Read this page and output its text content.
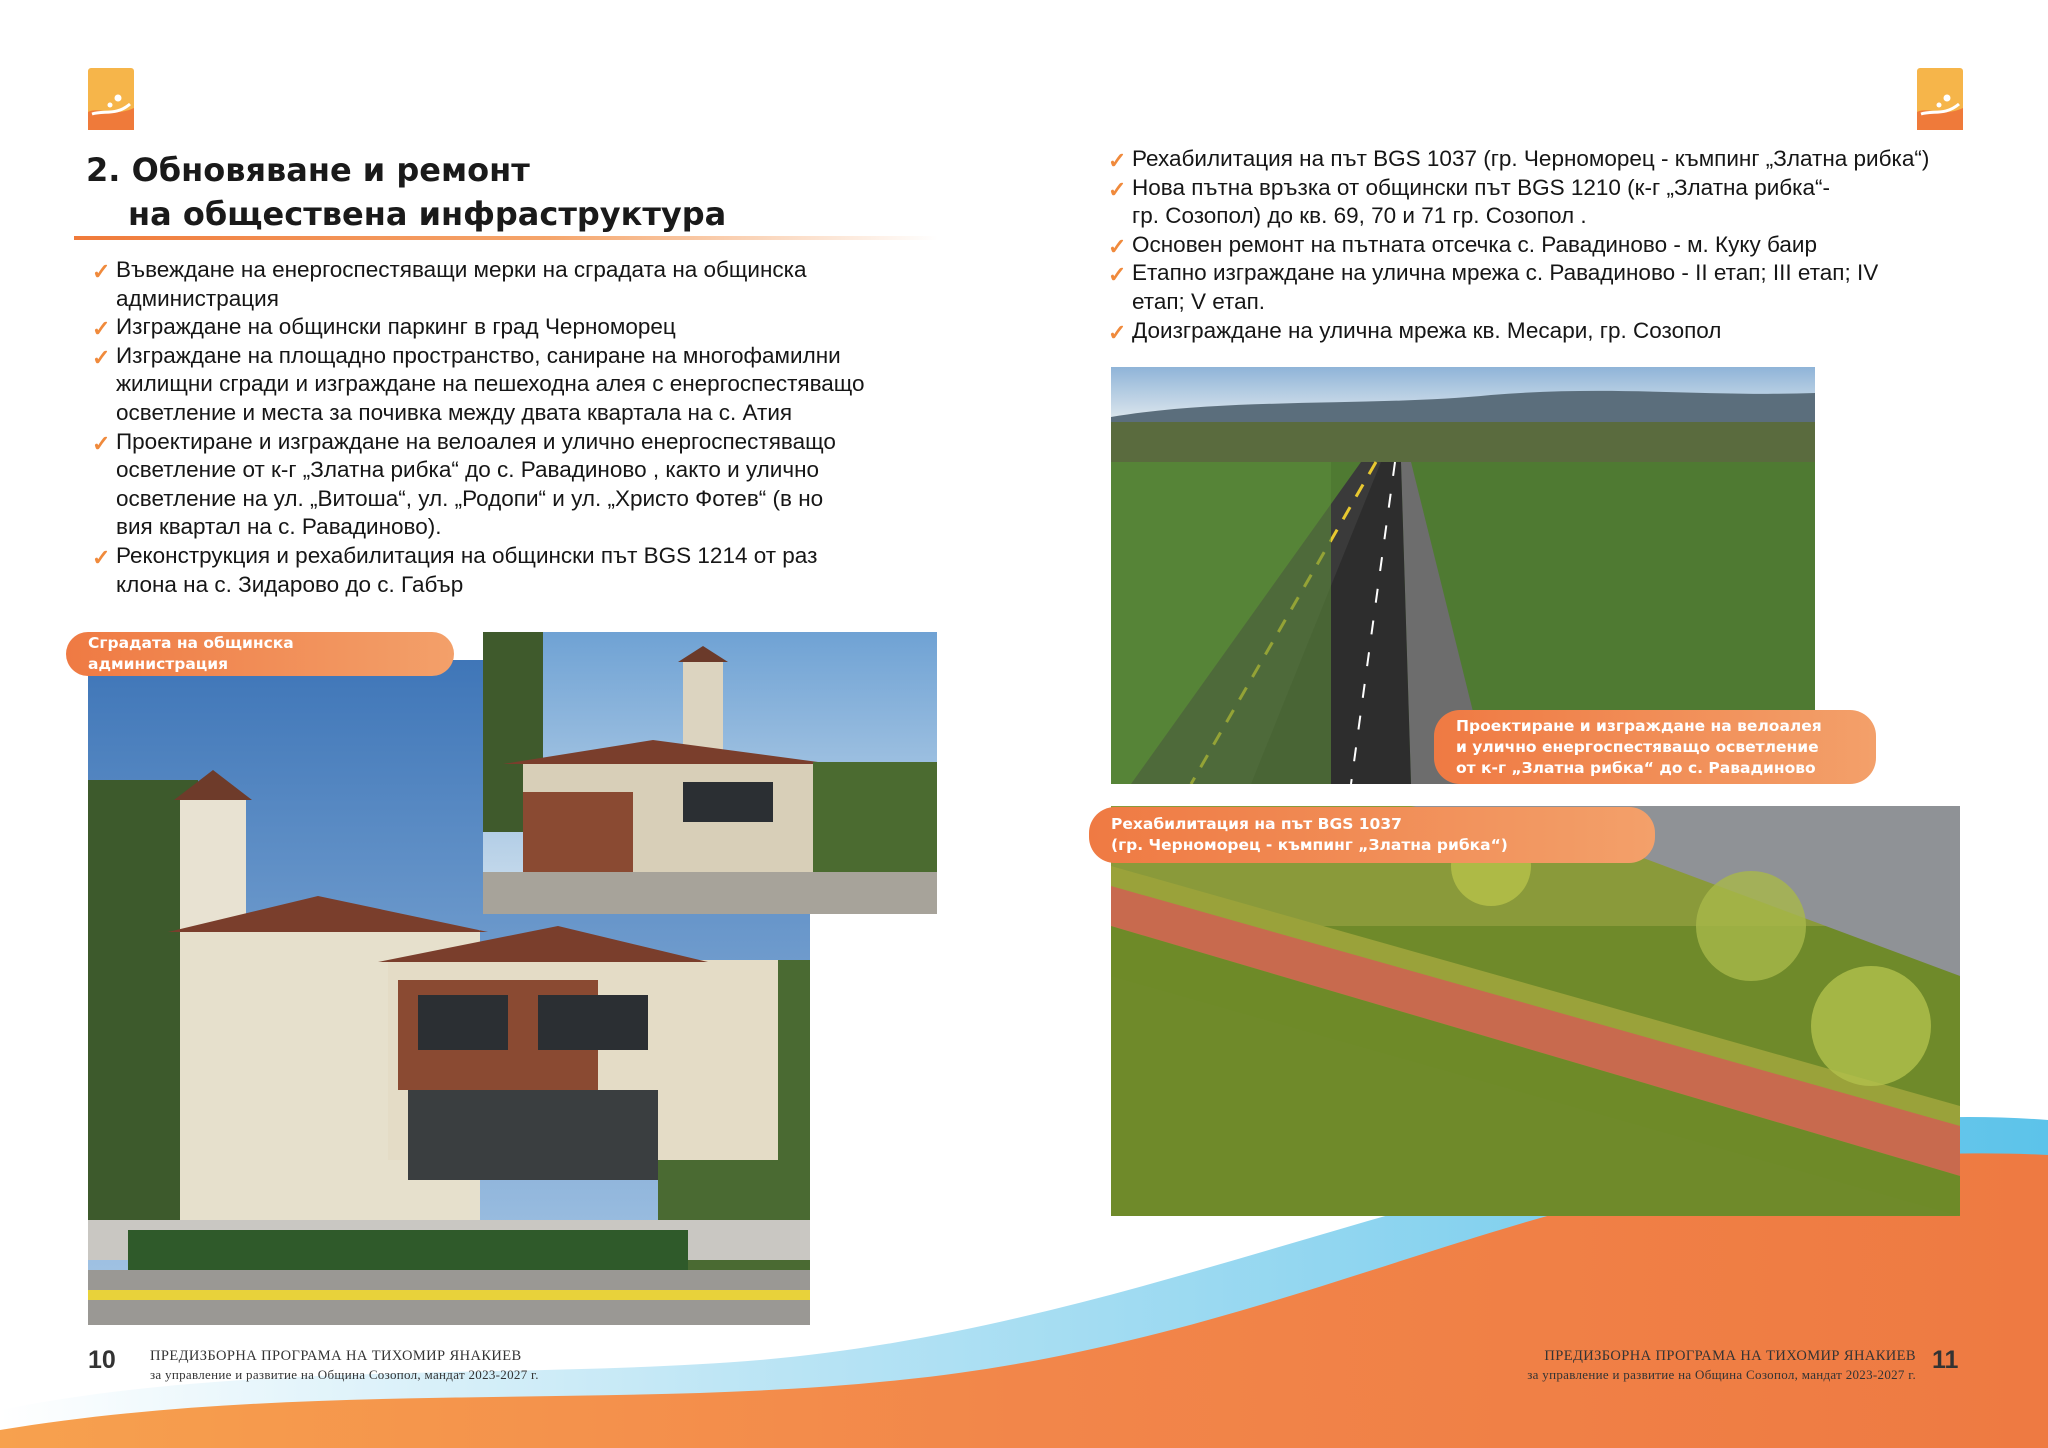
2. Обновяване и ремонт
на обществена инфраструктура
✓ Въвеждане на енергоспестяващи мерки на сградата на общинска
администрация
✓ Изграждане на общински паркинг в град Черноморец
✓ Изграждане на площадно пространство, саниране на многофамилни
жилищни сгради и изграждане на пешеходна алея с енергоспестяващо
осветление и места за почивка между двата квартала на с. Атия
✓ Проектиране и изграждане на велоалея и улично енергоспестяващо
осветление от к-г „Златна рибка“ до с. Равадиново , както и улично
осветление на ул. „Витоша“, ул. „Родопи“ и ул. „Христо Фотев“ (в но
вия квартал на с. Равадиново).
✓ Реконструкция и рехабилитация на общински път BGS 1214 от раз
клона на с. Зидарово до с. Габър
✓ Рехабилитация на път BGS 1037 (гр. Черноморец - къмпинг „Златна рибка“)
✓ Нова пътна връзка от общински път BGS 1210 (к-г „Златна рибка“-
гр. Созопол) до кв. 69, 70 и 71 гр. Созопол .
✓ Основен ремонт на пътната отсечка с. Равадиново - м. Куку баир
✓ Етапно изграждане на улична мрежа с. Равадиново - II етап; III етап; IV
етап; V етап.
✓ Доизграждане на улична мрежа кв. Месари, гр. Созопол
Сградата на общинска администрация
Проектиране и изграждане на велоалея
и улично енергоспестяващо осветление
от к-г „Златна рибка“ до с. Равадиново
Рехабилитация на път BGS 1037
(гр. Черноморец - къмпинг „Златна рибка“)
10 ПРЕДИЗБОРНА ПРОГРАМА НА ТИХОМИР ЯНАКИЕВ
за управление и развитие на Община Созопол, мандат 2023-2027 г.
ПРЕДИЗБОРНА ПРОГРАМА НА ТИХОМИР ЯНАКИЕВ
за управление и развитие на Община Созопол, мандат 2023-2027 г.
11
